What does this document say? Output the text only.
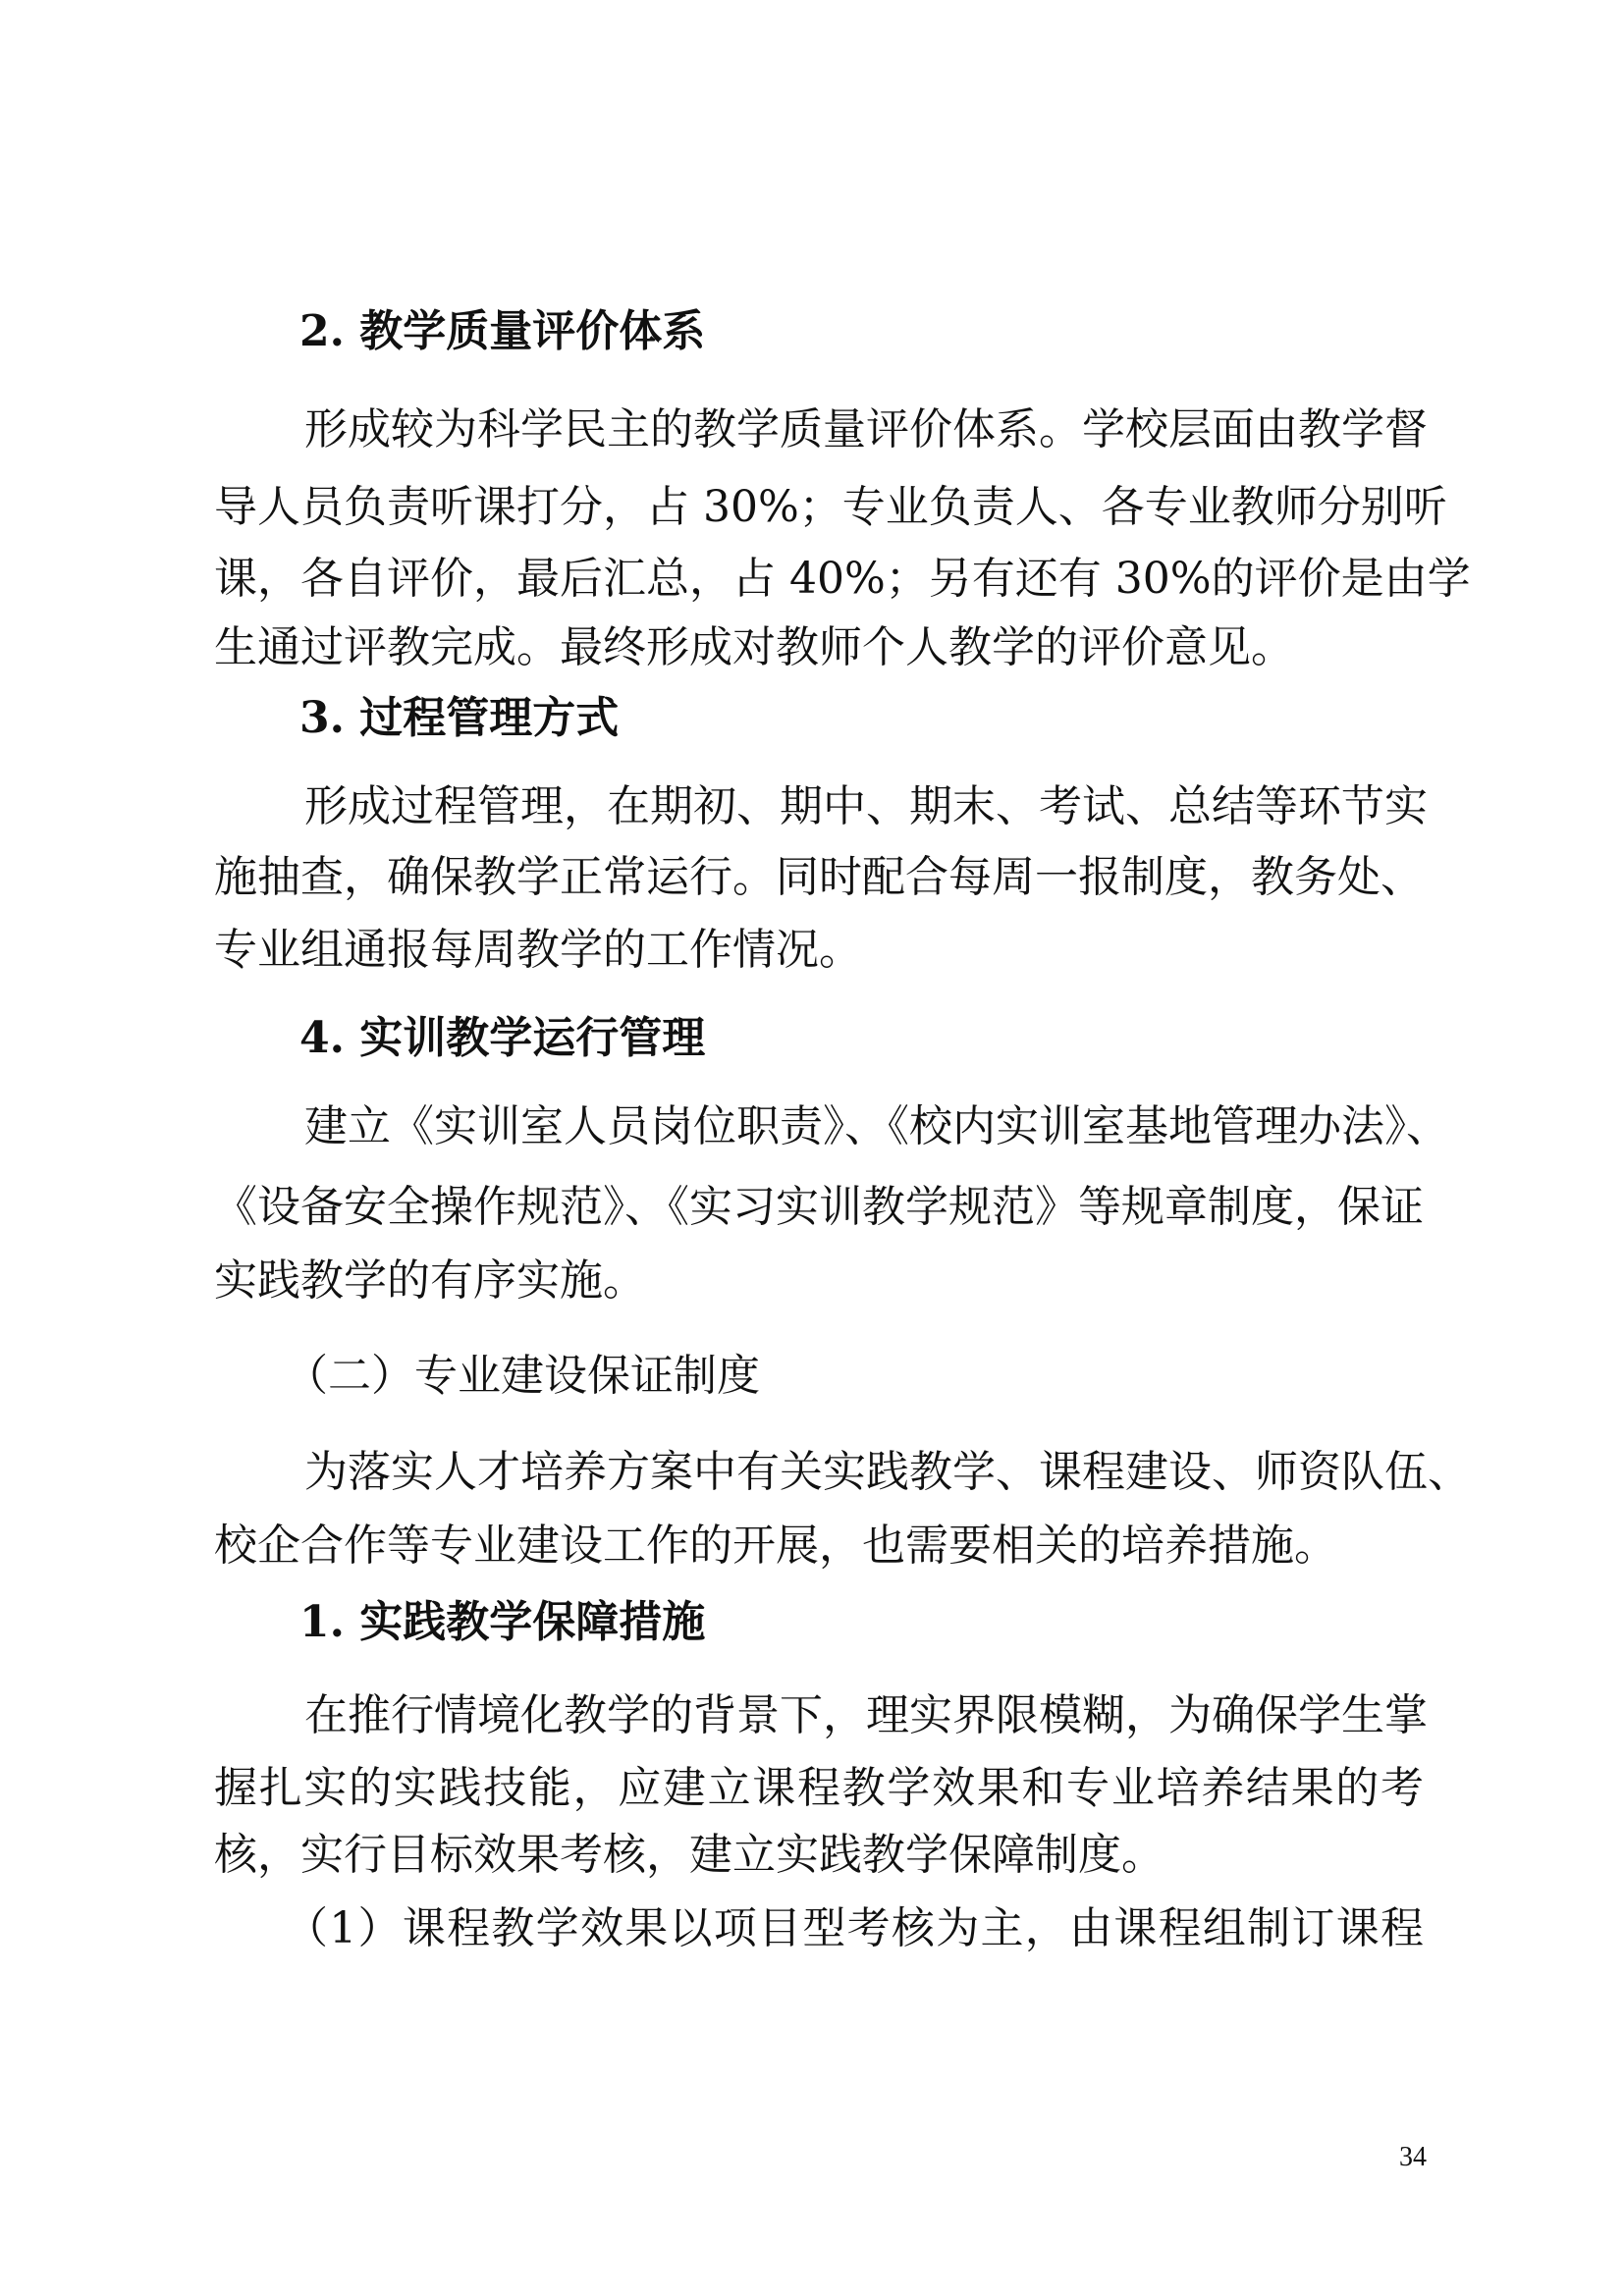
2. 教学质量评价体系
形成较为科学民主的教学质量评价体系。学校层面由教学督
导人员负责听课打分，占 30%；专业负责人、各专业教师分别听
课，各自评价，最后汇总，占 40%；另有还有 30%的评价是由学
生通过评教完成。最终形成对教师个人教学的评价意见。
3. 过程管理方式
形成过程管理，在期初、期中、期末、考试、总结等环节实
施抽查，确保教学正常运行。同时配合每周一报制度，教务处、
专业组通报每周教学的工作情况。
4. 实训教学运行管理
建立《实训室人员岗位职责》、《校内实训室基地管理办法》、
《设备安全操作规范》、《实习实训教学规范》等规章制度，保证
实践教学的有序实施。
（二）专业建设保证制度
为落实人才培养方案中有关实践教学、课程建设、师资队伍、
校企合作等专业建设工作的开展，也需要相关的培养措施。
1. 实践教学保障措施
在推行情境化教学的背景下，理实界限模糊，为确保学生掌
握扎实的实践技能，应建立课程教学效果和专业培养结果的考
核，实行目标效果考核，建立实践教学保障制度。
（1）课程教学效果以项目型考核为主，由课程组制订课程
34
